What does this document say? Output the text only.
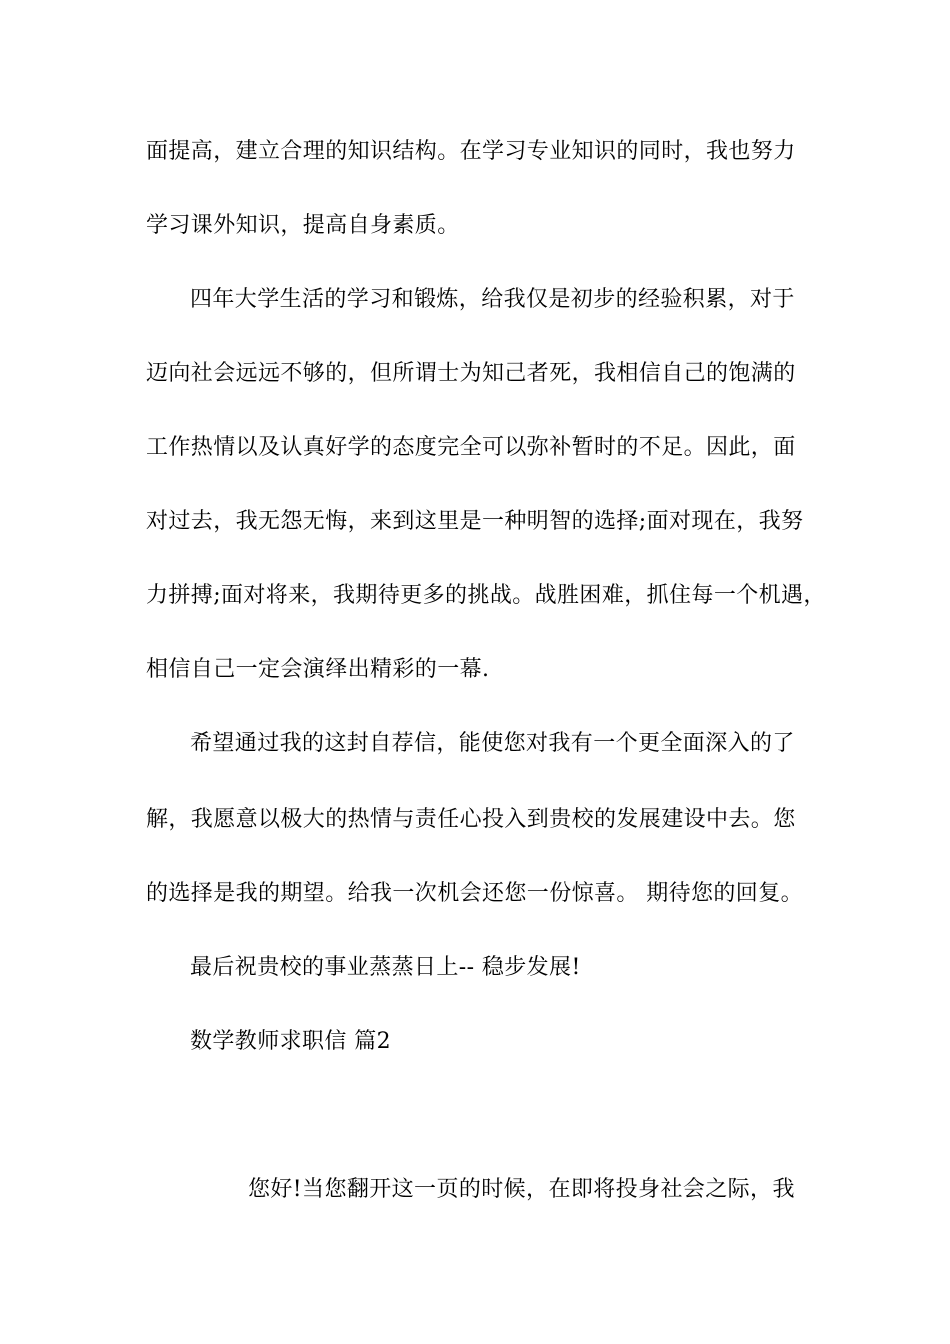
面提高，建立合理的知识结构。在学习专业知识的同时，我也努力
学习课外知识，提高自身素质。
四年大学生活的学习和锻炼，给我仅是初步的经验积累，对于
迈向社会远远不够的，但所谓士为知己者死，我相信自己的饱满的
工作热情以及认真好学的态度完全可以弥补暂时的不足。因此，面
对过去，我无怨无悔，来到这里是一种明智的选择;面对现在，我努
力拼搏;面对将来，我期待更多的挑战。战胜困难，抓住每一个机遇，
相信自己一定会演绎出精彩的一幕.
希望通过我的这封自荐信，能使您对我有一个更全面深入的了
解，我愿意以极大的热情与责任心投入到贵校的发展建设中去。您
的选择是我的期望。给我一次机会还您一份惊喜。 期待您的回复。
最后祝贵校的事业蒸蒸日上-- 稳步发展!
数学教师求职信 篇2
您好!当您翻开这一页的时候，在即将投身社会之际，我
